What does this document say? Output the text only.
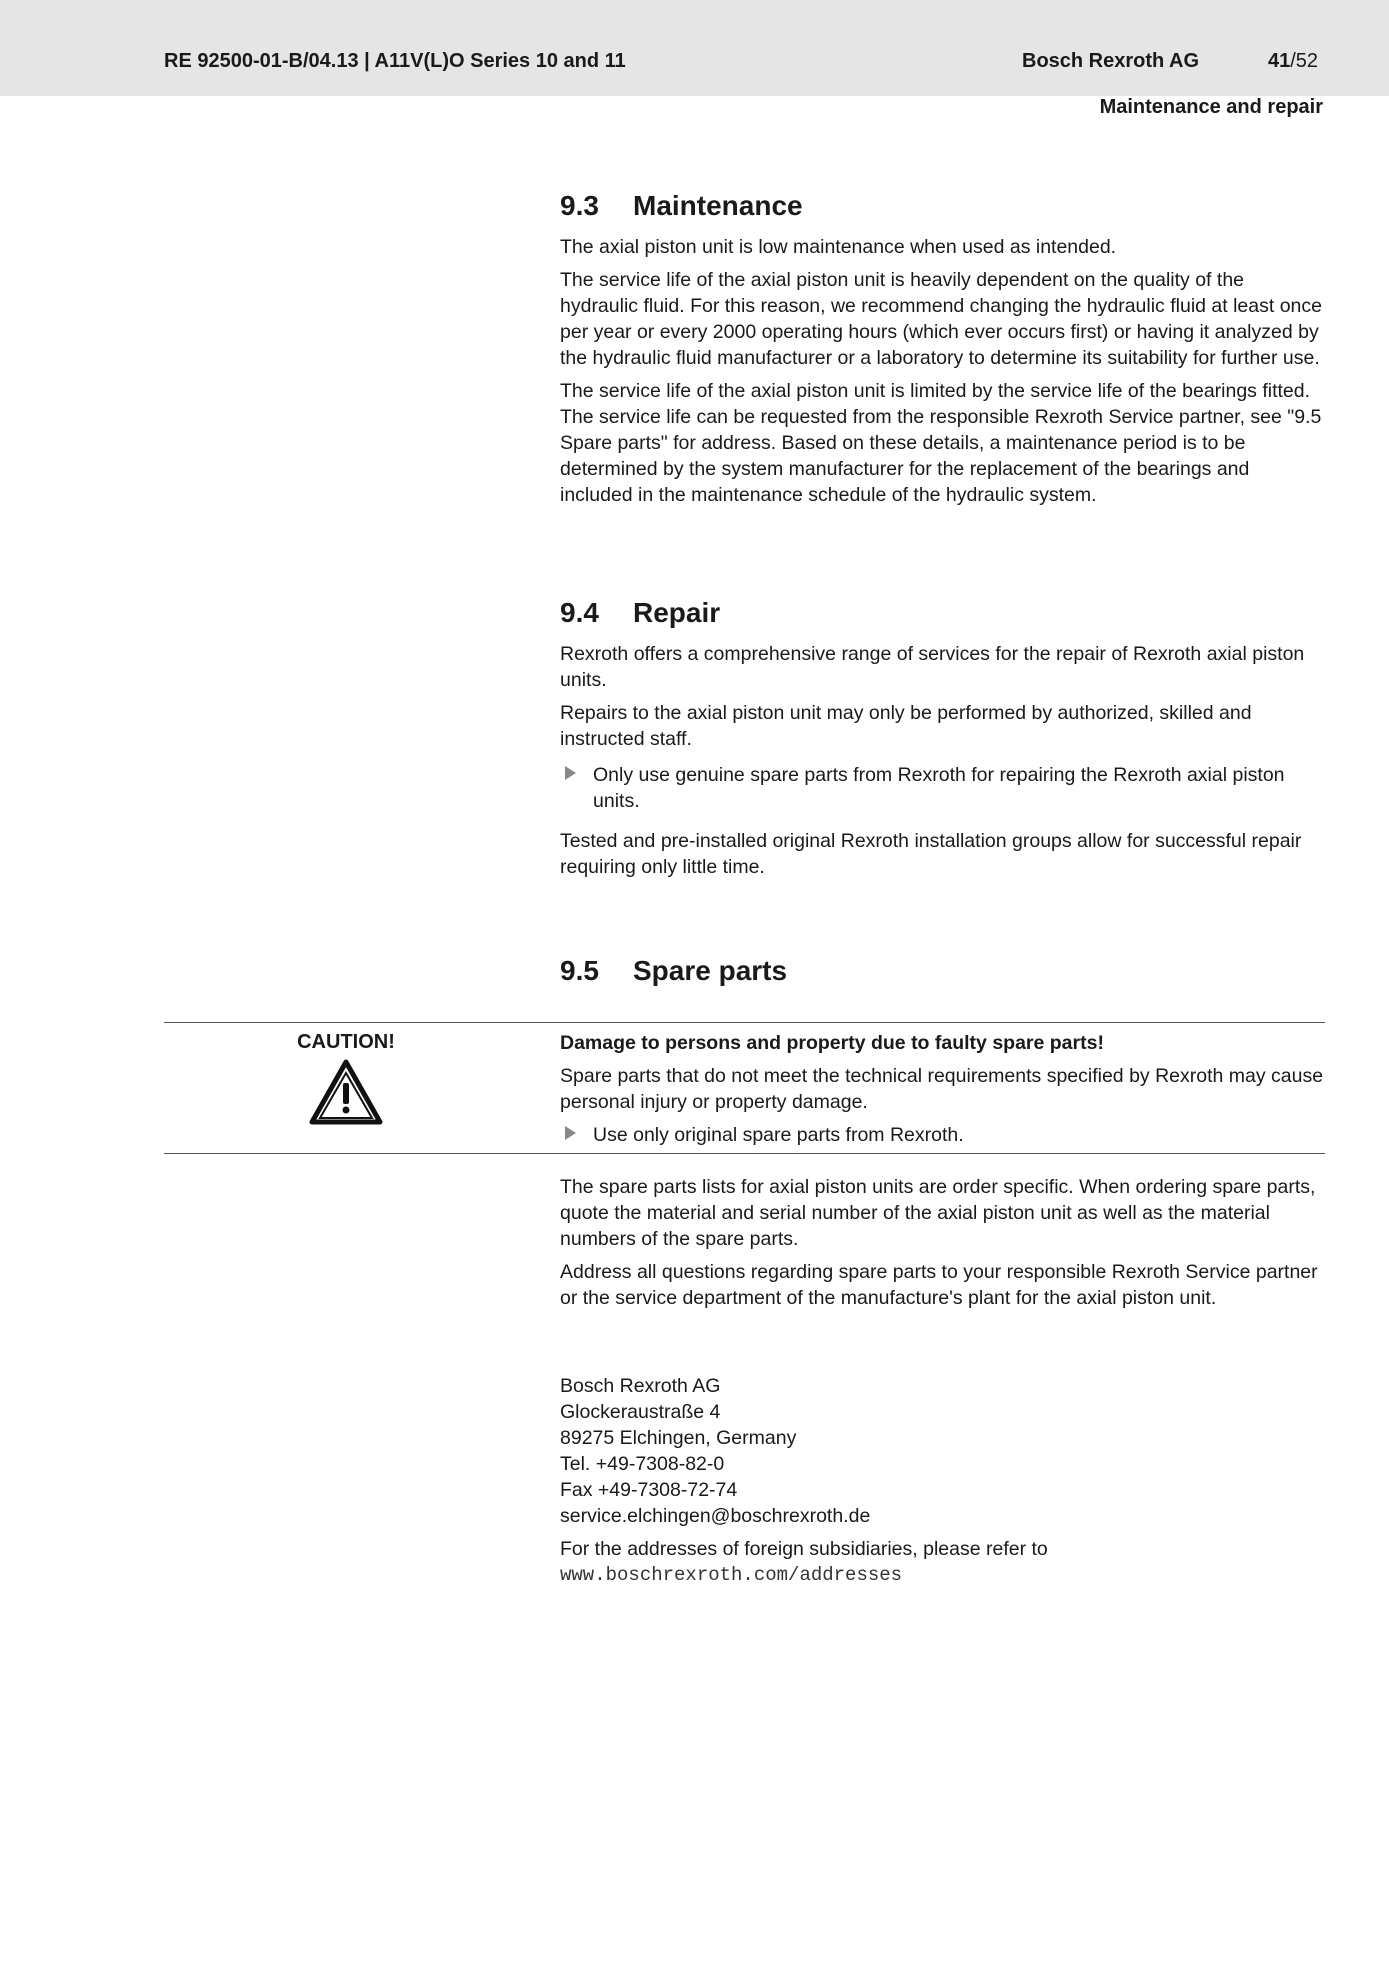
RE 92500-01-B/04.13 | A11V(L)O Series 10 and 11	Bosch Rexroth AG	41/52
Maintenance and repair
9.3	Maintenance

The axial piston unit is low maintenance when used as intended.

The service life of the axial piston unit is heavily dependent on the quality of the hydraulic fluid. For this reason, we recommend changing the hydraulic fluid at least once per year or every 2000 operating hours (which ever occurs first) or having it analyzed by the hydraulic fluid manufacturer or a laboratory to determine its suitability for further use.

The service life of the axial piston unit is limited by the service life of the bearings fitted. The service life can be requested from the responsible Rexroth Service partner, see "9.5 Spare parts" for address. Based on these details, a maintenance period is to be determined by the system manufacturer for the replacement of the bearings and included in the maintenance schedule of the hydraulic system.

9.4	Repair

Rexroth offers a comprehensive range of services for the repair of Rexroth axial piston units.

Repairs to the axial piston unit may only be performed by authorized, skilled and instructed staff.

Only use genuine spare parts from Rexroth for repairing the Rexroth axial piston units.

Tested and pre-installed original Rexroth installation groups allow for successful repair requiring only little time.

9.5	Spare parts
CAUTION!	Damage to persons and property due to faulty spare parts!

Spare parts that do not meet the technical requirements specified by Rexroth may cause personal injury or property damage.

Use only original spare parts from Rexroth.

The spare parts lists for axial piston units are order specific. When ordering spare parts, quote the material and serial number of the axial piston unit as well as the material numbers of the spare parts.

Address all questions regarding spare parts to your responsible Rexroth Service partner or the service department of the manufacture's plant for the axial piston unit.

Bosch Rexroth AG

Glockeraustraße 4

89275 Elchingen, Germany

Tel. +49-7308-82-0

Fax +49-7308-72-74

service.elchingen@boschrexroth.de

For the addresses of foreign subsidiaries, please refer to

www.boschrexroth.com/addresses
